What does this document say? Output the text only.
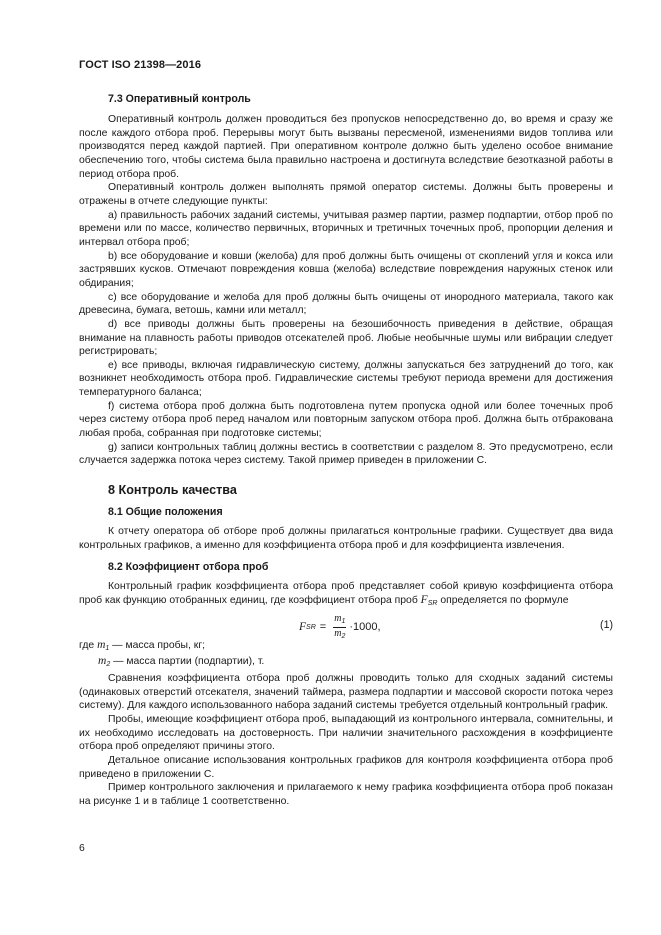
ГОСТ ISO 21398—2016
7.3 Оперативный контроль

Оперативный контроль должен проводиться без пропусков непосредственно до, во время и сразу же после каждого отбора проб. Перерывы могут быть вызваны пересменой, изменениями видов топлива или производятся перед каждой партией. При оперативном контроле должно быть уделено особое внимание обеспечению того, чтобы система была правильно настроена и достигнута вследствие безотказной работы в период отбора проб.

Оперативный контроль должен выполнять прямой оператор системы. Должны быть проверены и отражены в отчете следующие пункты:

a) правильность рабочих заданий системы, учитывая размер партии, размер подпартии, отбор проб по времени или по массе, количество первичных, вторичных и третичных точечных проб, пропорции деления и интервал отбора проб;

b) все оборудование и ковши (желоба) для проб должны быть очищены от скоплений угля и кокса или застрявших кусков. Отмечают повреждения ковша (желоба) вследствие повреждения наружных стенок или обдирания;

c) все оборудование и желоба для проб должны быть очищены от инородного материала, такого как древесина, бумага, ветошь, камни или металл;

d) все приводы должны быть проверены на безошибочность приведения в действие, обращая внимание на плавность работы приводов отсекателей проб. Любые необычные шумы или вибрации следует регистрировать;

e) все приводы, включая гидравлическую систему, должны запускаться без затруднений до того, как возникнет необходимость отбора проб. Гидравлические системы требуют периода времени для достижения температурного баланса;

f) система отбора проб должна быть подготовлена путем пропуска одной или более точечных проб через систему отбора проб перед началом или повторным запуском отбора проб. Должна быть отбракована любая проба, собранная при подготовке системы;

g) записи контрольных таблиц должны вестись в соответствии с разделом 8. Это предусмотрено, если случается задержка потока через систему. Такой пример приведен в приложении С.

8 Контроль качества
8.1 Общие положения

К отчету оператора об отборе проб должны прилагаться контрольные графики. Существует два вида контрольных графиков, а именно для коэффициента отбора проб и для коэффициента извлечения.

8.2 Коэффициент отбора проб

Контрольный график коэффициента отбора проб представляет собой кривую коэффициента отбора проб как функцию отобранных единиц, где коэффициент отбора проб $F_{SR}$ определяется по формуле

F SR = $\frac{m_1}{m_2} \cdot 1000$,	(1)
где $m_1$ — масса пробы, кг;
$m_2$ — масса партии (подпартии), т.

Сравнения коэффициента отбора проб должны проводить только для сходных заданий системы (одинаковых отверстий отсекателя, значений таймера, размера подпартии и массовой скорости потока через систему). Для каждого использованного набора заданий системы требуется отдельный контрольный график.

Пробы, имеющие коэффициент отбора проб, выпадающий из контрольного интервала, сомнительны, и их необходимо исследовать на достоверность. При наличии значительного расхождения в коэффициенте отбора проб определяют причины этого.

Детальное описание использования контрольных графиков для контроля коэффициента отбора проб приведено в приложении С.

Пример контрольного заключения и прилагаемого к нему графика коэффициента отбора проб показан на рисунке 1 и в таблице 1 соответственно.

6
